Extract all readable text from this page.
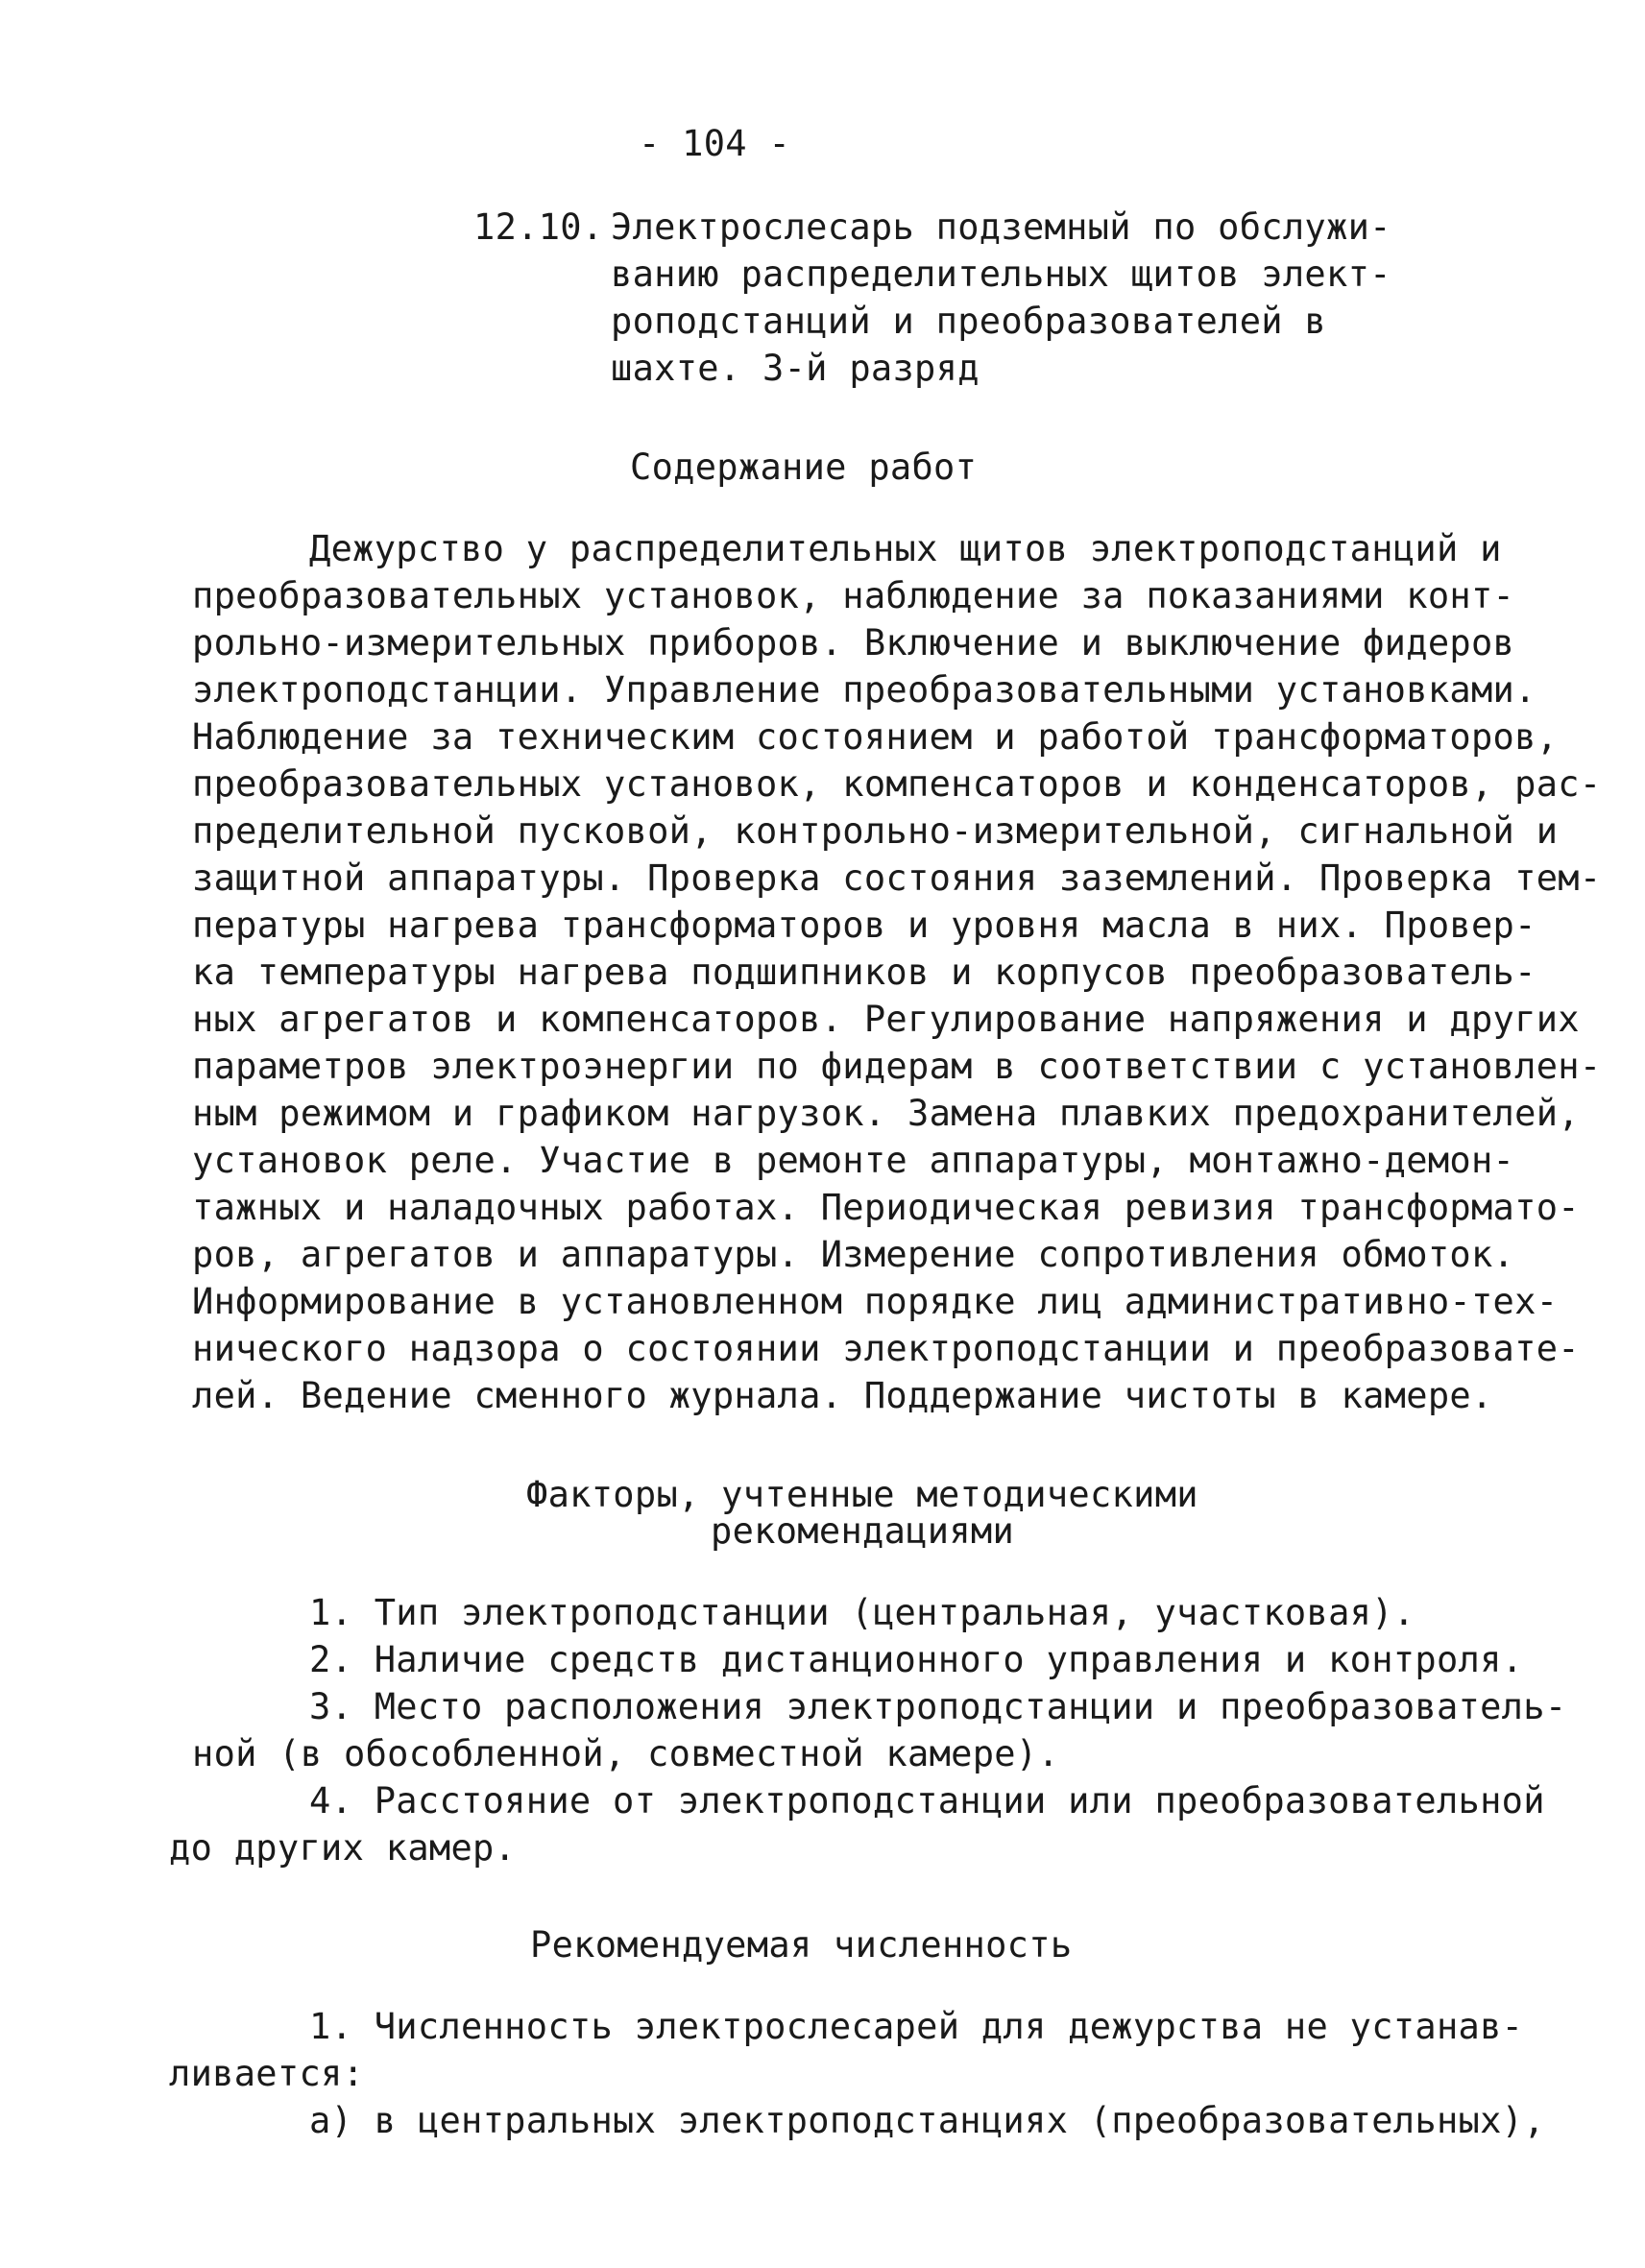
- 104 -
12.10. Электрослесарь подземный по обслужи-
ванию распределительных щитов элект-
роподстанций и преобразователей в
шахте. 3-й разряд
Содержание работ
Дежурство у распределительных щитов электроподстанций и
преобразовательных установок, наблюдение за показаниями конт-
рольно-измерительных приборов. Включение и выключение фидеров
электроподстанции. Управление преобразовательными установками.
Наблюдение за техническим состоянием и работой трансформаторов,
преобразовательных установок, компенсаторов и конденсаторов, рас-
пределительной пусковой, контрольно-измерительной, сигнальной и
защитной аппаратуры. Проверка состояния заземлений. Проверка тем-
пературы нагрева трансформаторов и уровня масла в них. Провер-
ка температуры нагрева подшипников и корпусов преобразователь-
ных агрегатов и компенсаторов. Регулирование напряжения и других
параметров электроэнергии по фидерам в соответствии с установлен-
ным режимом и графиком нагрузок. Замена плавких предохранителей,
установок реле. Участие в ремонте аппаратуры, монтажно-демон-
тажных и наладочных работах. Периодическая ревизия трансформато-
ров, агрегатов и аппаратуры. Измерение сопротивления обмоток.
Информирование в установленном порядке лиц административно-тех-
нического надзора о состоянии электроподстанции и преобразовате-
лей. Ведение сменного журнала. Поддержание чистоты в камере.
Факторы, учтенные методическими
рекомендациями
1. Тип электроподстанции (центральная, участковая).
2. Наличие средств дистанционного управления и контроля.
3. Место расположения электроподстанции и преобразователь-
ной (в обособленной, совместной камере).
4. Расстояние от электроподстанции или преобразовательной
до других камер.
Рекомендуемая численность
1. Численность электрослесарей для дежурства не устанав-
ливается:
а) в центральных электроподстанциях (преобразовательных),
